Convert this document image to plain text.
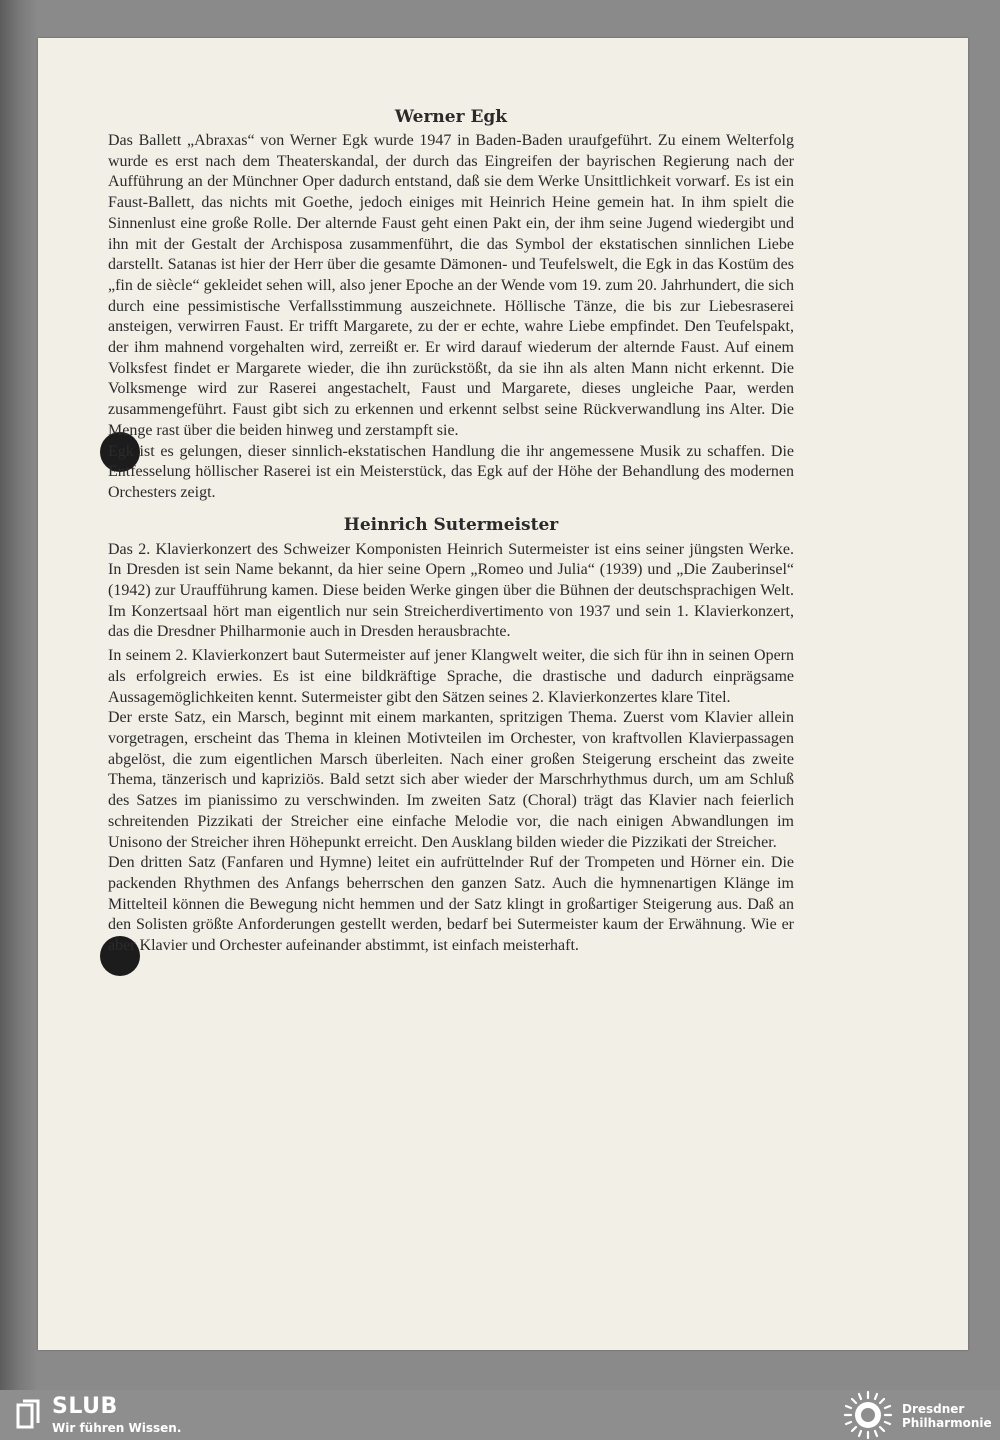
Werner Egk

Das Ballett „Abraxas“ von Werner Egk wurde 1947 in Baden-Baden uraufgeführt. Zu einem Welterfolg wurde es erst nach dem Theaterskandal, der durch das Eingreifen der bayrischen Regierung nach der Aufführung an der Münchner Oper dadurch entstand, daß sie dem Werke Unsittlichkeit vorwarf. Es ist ein Faust-Ballett, das nichts mit Goethe, jedoch einiges mit Heinrich Heine gemein hat. In ihm spielt die Sinnenlust eine große Rolle. Der alternde Faust geht einen Pakt ein, der ihm seine Jugend wiedergibt und ihn mit der Gestalt der Archisposa zusammenführt, die das Symbol der ekstatischen sinnlichen Liebe darstellt. Satanas ist hier der Herr über die gesamte Dämonen- und Teufelswelt, die Egk in das Kostüm des „fin de siècle“ gekleidet sehen will, also jener Epoche an der Wende vom 19. zum 20. Jahrhundert, die sich durch eine pessimistische Verfallsstimmung auszeichnete. Höllische Tänze, die bis zur Liebesraserei ansteigen, verwirren Faust. Er trifft Margarete, zu der er echte, wahre Liebe empfindet. Den Teufelspakt, der ihm mahnend vorgehalten wird, zerreißt er. Er wird darauf wiederum der alternde Faust. Auf einem Volksfest findet er Margarete wieder, die ihn zurückstößt, da sie ihn als alten Mann nicht erkennt. Die Volksmenge wird zur Raserei angestachelt, Faust und Margarete, dieses ungleiche Paar, werden zusammengeführt. Faust gibt sich zu erkennen und erkennt selbst seine Rückverwandlung ins Alter. Die Menge rast über die beiden hinweg und zerstampft sie.

Egk ist es gelungen, dieser sinnlich-ekstatischen Handlung die ihr angemessene Musik zu schaffen. Die Entfesselung höllischer Raserei ist ein Meisterstück, das Egk auf der Höhe der Behandlung des modernen Orchesters zeigt.

Heinrich Sutermeister

Das 2. Klavierkonzert des Schweizer Komponisten Heinrich Sutermeister ist eins seiner jüngsten Werke. In Dresden ist sein Name bekannt, da hier seine Opern „Romeo und Julia“ (1939) und „Die Zauberinsel“ (1942) zur Uraufführung kamen. Diese beiden Werke gingen über die Bühnen der deutschsprachigen Welt. Im Konzertsaal hört man eigentlich nur sein Streicherdivertimento von 1937 und sein 1. Klavierkonzert, das die Dresdner Philharmonie auch in Dresden herausbrachte.

In seinem 2. Klavierkonzert baut Sutermeister auf jener Klangwelt weiter, die sich für ihn in seinen Opern als erfolgreich erwies. Es ist eine bildkräftige Sprache, die drastische und dadurch einprägsame Aussagemöglichkeiten kennt. Sutermeister gibt den Sätzen seines 2. Klavierkonzertes klare Titel.

Der erste Satz, ein Marsch, beginnt mit einem markanten, spritzigen Thema. Zuerst vom Klavier allein vorgetragen, erscheint das Thema in kleinen Motivteilen im Orchester, von kraftvollen Klavierpassagen abgelöst, die zum eigentlichen Marsch überleiten. Nach einer großen Steigerung erscheint das zweite Thema, tänzerisch und kapriziös. Bald setzt sich aber wieder der Marschrhythmus durch, um am Schluß des Satzes im pianissimo zu verschwinden. Im zweiten Satz (Choral) trägt das Klavier nach feierlich schreitenden Pizzikati der Streicher eine einfache Melodie vor, die nach einigen Abwandlungen im Unisono der Streicher ihren Höhepunkt erreicht. Den Ausklang bilden wieder die Pizzikati der Streicher.

Den dritten Satz (Fanfaren und Hymne) leitet ein aufrüttelnder Ruf der Trompeten und Hörner ein. Die packenden Rhythmen des Anfangs beherrschen den ganzen Satz. Auch die hymnenartigen Klänge im Mittelteil können die Bewegung nicht hemmen und der Satz klingt in großartiger Steigerung aus. Daß an den Solisten größte Anforderungen gestellt werden, bedarf bei Sutermeister kaum der Erwähnung. Wie er aber Klavier und Orchester aufeinander abstimmt, ist einfach meisterhaft.

SLUB
Wir führen Wissen.
Dresdner
Philharmonie
